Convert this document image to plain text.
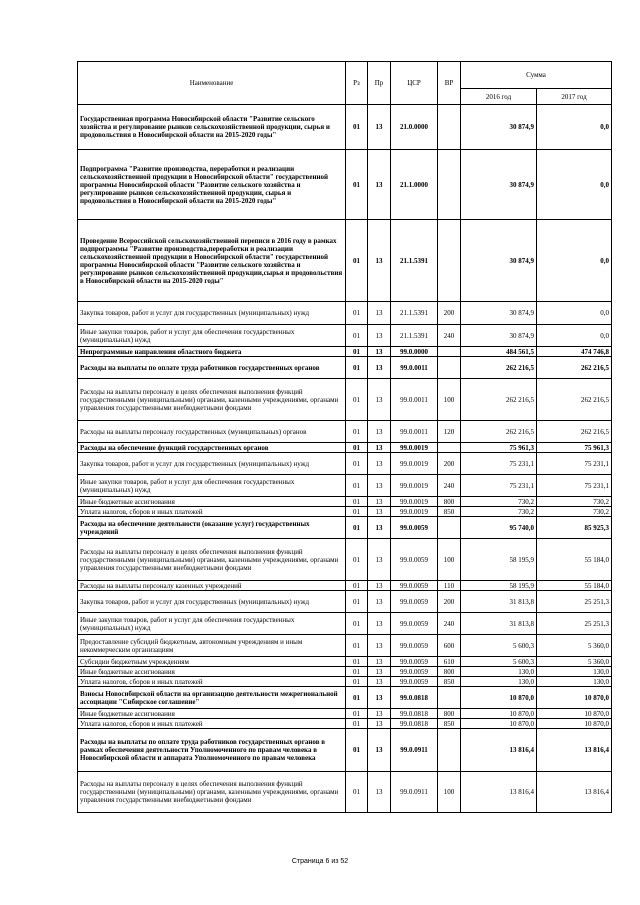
Наименование	Рз	Пр	ЦСР	ВР	Сумма	
					2016 год	2017 год
Государственная программа Новосибирской области "Развитие сельского хозяйства и регулирование рынков сельскохозяйственной продукции, сырья и продовольствия в Новосибирской области на 2015-2020 годы"	01	13	21.0.0000		30 874,9	0,0
Подпрограмма "Развитие производства, переработки и реализации сельскохозяйственной продукции в Новосибирской области" государственной программы Новосибирской области "Развитие сельского хозяйства и регулирование рынков сельскохозяйственной продукции, сырья и продовольствия в Новосибирской области на 2015-2020 годы"	01	13	21.1.0000		30 874,9	0,0
Проведение Всероссийской сельскохозяйственной переписи в 2016 году в рамках подпрограммы "Развитие производства,переработки и реализации сельскохозяйственной продукции в Новосибирской области" государственной программы Новосибирской области "Развитие сельского хозяйства и регулирование рынков сельскохозяйственной продукции,сырья и продовольствия в Новосибирской области на 2015-2020 годы"	01	13	21.1.5391		30 874,9	0,0
Закупка товаров, работ и услуг для государственных (муниципальных) нужд	01	13	21.1.5391	200	30 874,9	0,0
Иные закупки товаров, работ и услуг для обеспечения государственных (муниципальных) нужд	01	13	21.1.5391	240	30 874,9	0,0
Непрограммные направления областного бюджета	01	13	99.0.0000		484 561,5	474 746,8
Расходы на выплаты по оплате труда работников государственных органов	01	13	99.0.0011		262 216,5	262 216,5
Расходы на выплаты персоналу в целях обеспечения выполнения функций государственными (муниципальными) органами, казенными учреждениями, органами управления государственными внебюджетными фондами	01	13	99.0.0011	100	262 216,5	262 216,5
Расходы на выплаты персоналу государственных (муниципальных) органов	01	13	99.0.0011	120	262 216,5	262 216,5
Расходы на обеспечение функций государственных органов	01	13	99.0.0019		75 961,3	75 961,3
Закупка товаров, работ и услуг для государственных (муниципальных) нужд	01	13	99.0.0019	200	75 231,1	75 231,1
Иные закупки товаров, работ и услуг для обеспечения государственных (муниципальных) нужд	01	13	99.0.0019	240	75 231,1	75 231,1
Иные бюджетные ассигнования	01	13	99.0.0019	800	730,2	730,2
Уплата налогов, сборов и иных платежей	01	13	99.0.0019	850	730,2	730,2
Расходы на обеспечение деятельности (оказание услуг) государственных учреждений	01	13	99.0.0059		95 740,0	85 925,3
Расходы на выплаты персоналу в целях обеспечения выполнения функций государственными (муниципальными) органами, казенными учреждениями, органами управления государственными внебюджетными фондами	01	13	99.0.0059	100	58 195,9	55 184,0
Расходы на выплаты персоналу казенных учреждений	01	13	99.0.0059	110	58 195,9	55 184,0
Закупка товаров, работ и услуг для государственных (муниципальных) нужд	01	13	99.0.0059	200	31 813,8	25 251,3
Иные закупки товаров, работ и услуг для обеспечения государственных (муниципальных) нужд	01	13	99.0.0059	240	31 813,8	25 251,3
Предоставление субсидий бюджетным, автономным учреждениям и иным некоммерческим организациям	01	13	99.0.0059	600	5 600,3	5 360,0
Субсидии бюджетным учреждениям	01	13	99.0.0059	610	5 600,3	5 360,0
Иные бюджетные ассигнования	01	13	99.0.0059	800	130,0	130,0
Уплата налогов, сборов и иных платежей	01	13	99.0.0059	850	130,0	130,0
Взносы Новосибирской области на организацию деятельности межрегиональной ассоциации "Сибирское соглашение"	01	13	99.0.0818		10 870,0	10 870,0
Иные бюджетные ассигнования	01	13	99.0.0818	800	10 870,0	10 870,0
Уплата налогов, сборов и иных платежей	01	13	99.0.0818	850	10 870,0	10 870,0
Расходы на выплаты по оплате труда работников государственных органов в рамках обеспечения деятельности Уполномоченного по правам человека в Новосибирской области и аппарата Уполномоченного по правам человека	01	13	99.0.0911		13 816,4	13 816,4
Расходы на выплаты персоналу в целях обеспечения выполнения функций государственными (муниципальными) органами, казенными учреждениями, органами управления государственными внебюджетными фондами	01	13	99.0.0911	100	13 816,4	13 816,4
Страница 6 из 52
